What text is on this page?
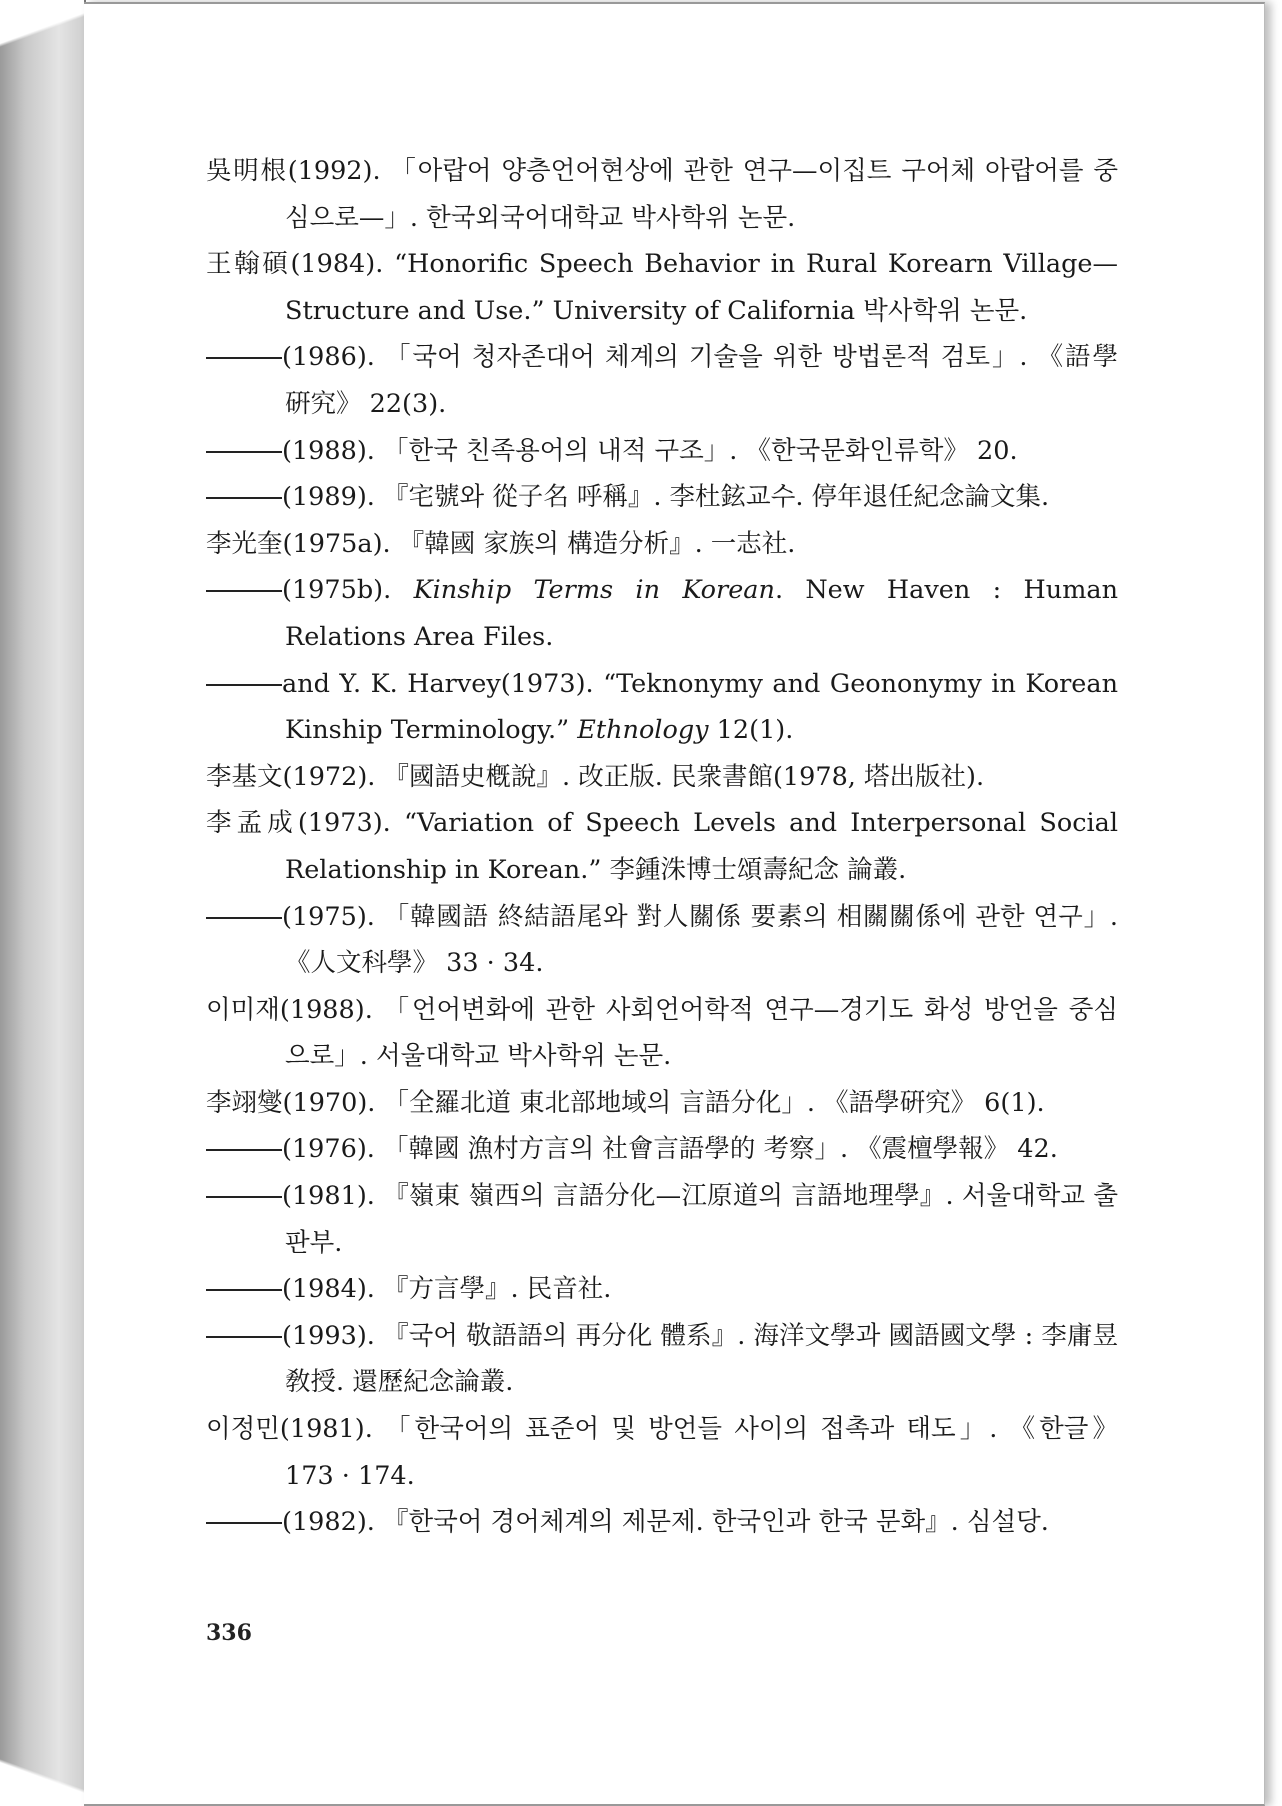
吳明根(1992). 「아랍어 양층언어현상에 관한 연구—이집트 구어체 아랍어를 중심으로—」. 한국외국어대학교 박사학위 논문.
王翰碩(1984). “Honorific Speech Behavior in Rural Korearn Village—Structure and Use.” University of California 박사학위 논문.
(1986). 「국어 청자존대어 체계의 기술을 위한 방법론적 검토」. 《語學硏究》 22(3).
(1988). 「한국 친족용어의 내적 구조」. 《한국문화인류학》 20.
(1989). 『宅號와 從子名 呼稱』. 李杜鉉교수. 停年退任紀念論文集.
李光奎(1975a). 『韓國 家族의 構造分析』. 一志社.
(1975b). Kinship Terms in Korean. New Haven : Human Relations Area Files.
and Y. K. Harvey(1973). “Teknonymy and Geononymy in Korean Kinship Terminology.” Ethnology 12(1).
李基文(1972). 『國語史槪說』. 改正版. 民衆書館(1978, 塔出版社).
李孟成(1973). “Variation of Speech Levels and Interpersonal Social Relationship in Korean.” 李鍾洙博士頌壽紀念 論叢.
(1975). 「韓國語 終結語尾와 對人關係 要素의 相關關係에 관한 연구」. 《人文科學》 33 · 34.
이미재(1988). 「언어변화에 관한 사회언어학적 연구—경기도 화성 방언을 중심으로」. 서울대학교 박사학위 논문.
李翊燮(1970). 「全羅北道 東北部地域의 言語分化」. 《語學硏究》 6(1).
(1976). 「韓國 漁村方言의 社會言語學的 考察」. 《震檀學報》 42.
(1981). 『嶺東 嶺西의 言語分化—江原道의 言語地理學』. 서울대학교 출판부.
(1984). 『方言學』. 民音社.
(1993). 『국어 敬語語의 再分化 體系』. 海洋文學과 國語國文學 : 李庸昱 敎授. 還歷紀念論叢.
이정민(1981). 「한국어의 표준어 및 방언들 사이의 접촉과 태도」. 《한글》 173 · 174.
(1982). 『한국어 경어체계의 제문제. 한국인과 한국 문화』. 심설당.
336
